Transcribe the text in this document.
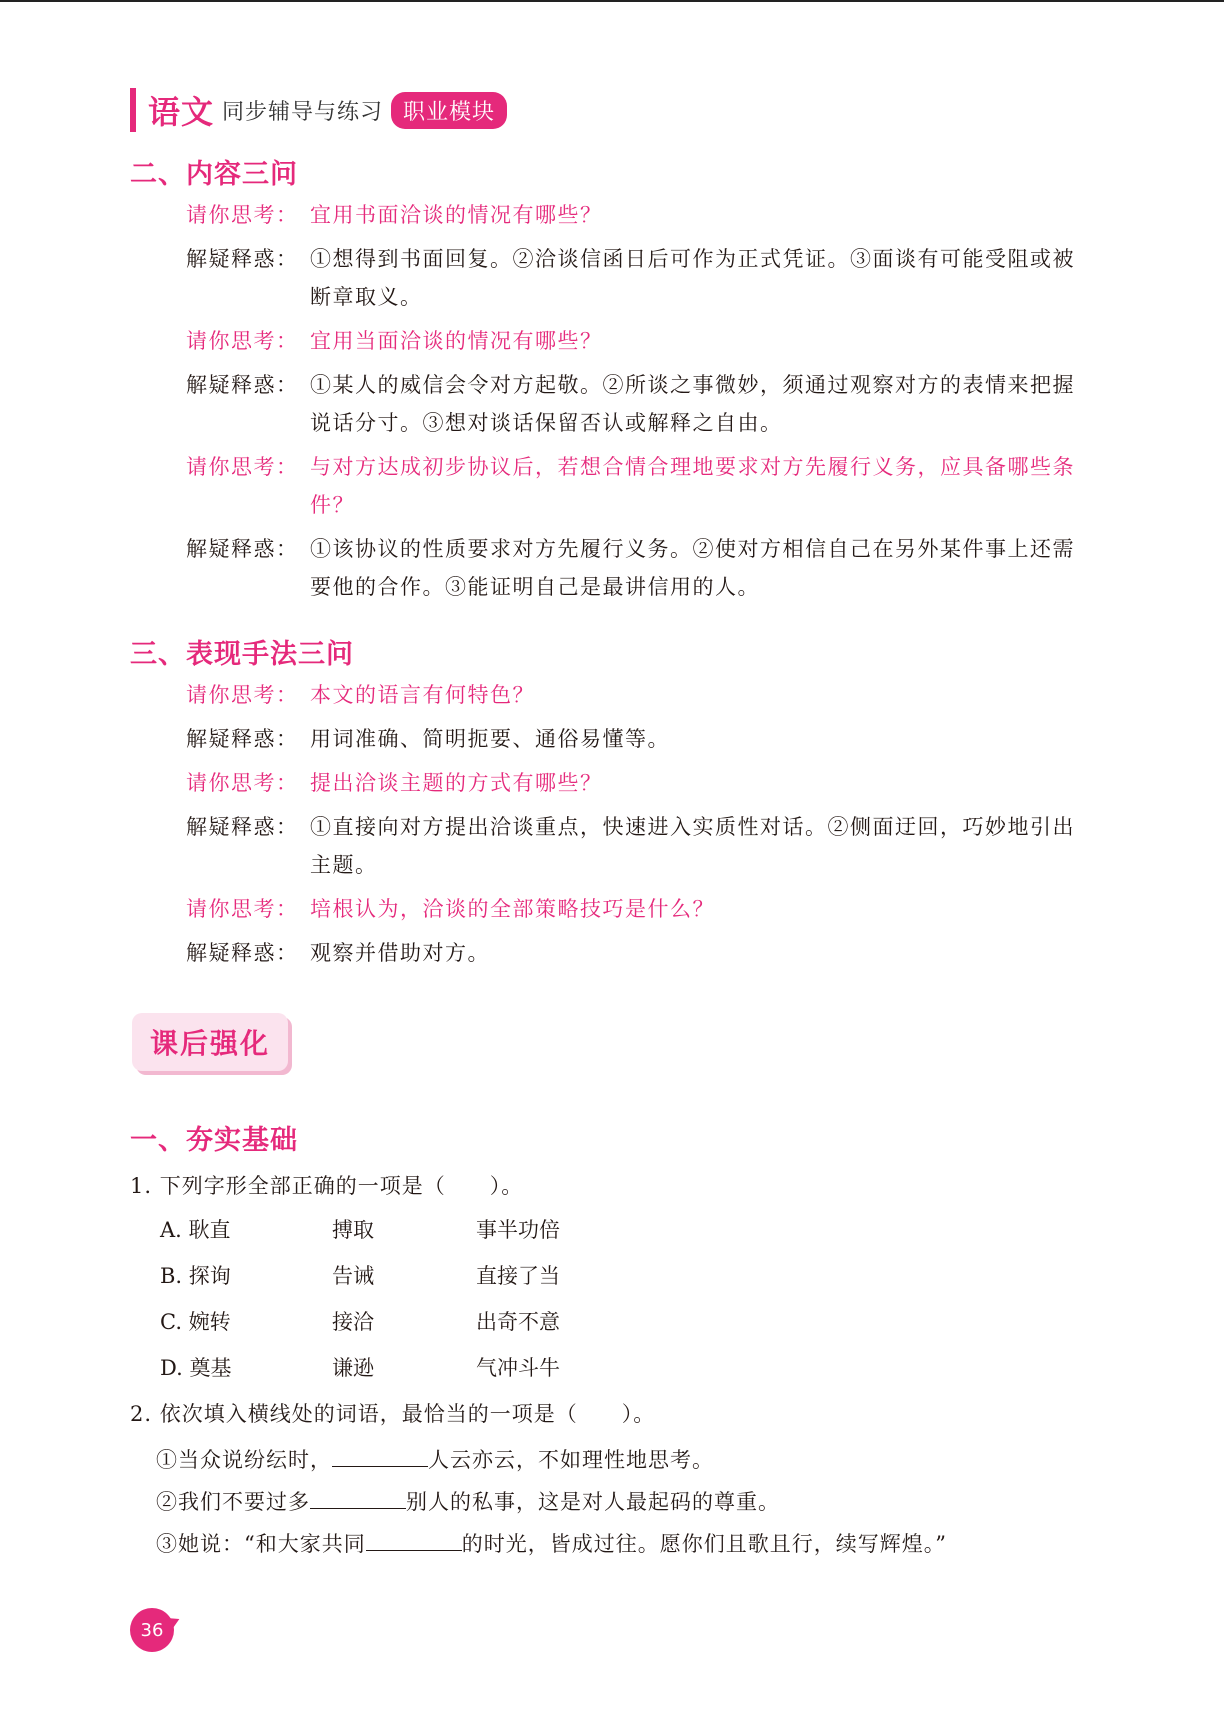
语文 同步辅导与练习 职业模块
二、内容三问
请你思考： 宜用书面洽谈的情况有哪些？
解疑释惑： ①想得到书面回复。②洽谈信函日后可作为正式凭证。③面谈有可能受阻或被断章取义。
请你思考： 宜用当面洽谈的情况有哪些？
解疑释惑： ①某人的威信会令对方起敬。②所谈之事微妙，须通过观察对方的表情来把握说话分寸。③想对谈话保留否认或解释之自由。
请你思考： 与对方达成初步协议后，若想合情合理地要求对方先履行义务，应具备哪些条件？
解疑释惑： ①该协议的性质要求对方先履行义务。②使对方相信自己在另外某件事上还需要他的合作。③能证明自己是最讲信用的人。
三、表现手法三问
请你思考： 本文的语言有何特色？
解疑释惑： 用词准确、简明扼要、通俗易懂等。
请你思考： 提出洽谈主题的方式有哪些？
解疑释惑： ①直接向对方提出洽谈重点，快速进入实质性对话。②侧面迂回，巧妙地引出主题。
请你思考： 培根认为，洽谈的全部策略技巧是什么？
解疑释惑： 观察并借助对方。
课后强化
一、夯实基础
1. 下列字形全部正确的一项是（　　）。
A. 耿直	搏取	事半功倍
B. 探询	告诫	直接了当
C. 婉转	接洽	出奇不意
D. 奠基	谦逊	气冲斗牛
2. 依次填入横线处的词语，最恰当的一项是（　　）。
①当众说纷纭时，	人云亦云，不如理性地思考。
②我们不要过多	别人的私事，这是对人最起码的尊重。
③她说：“和大家共同	的时光，皆成过往。愿你们且歌且行，续写辉煌。”
36
